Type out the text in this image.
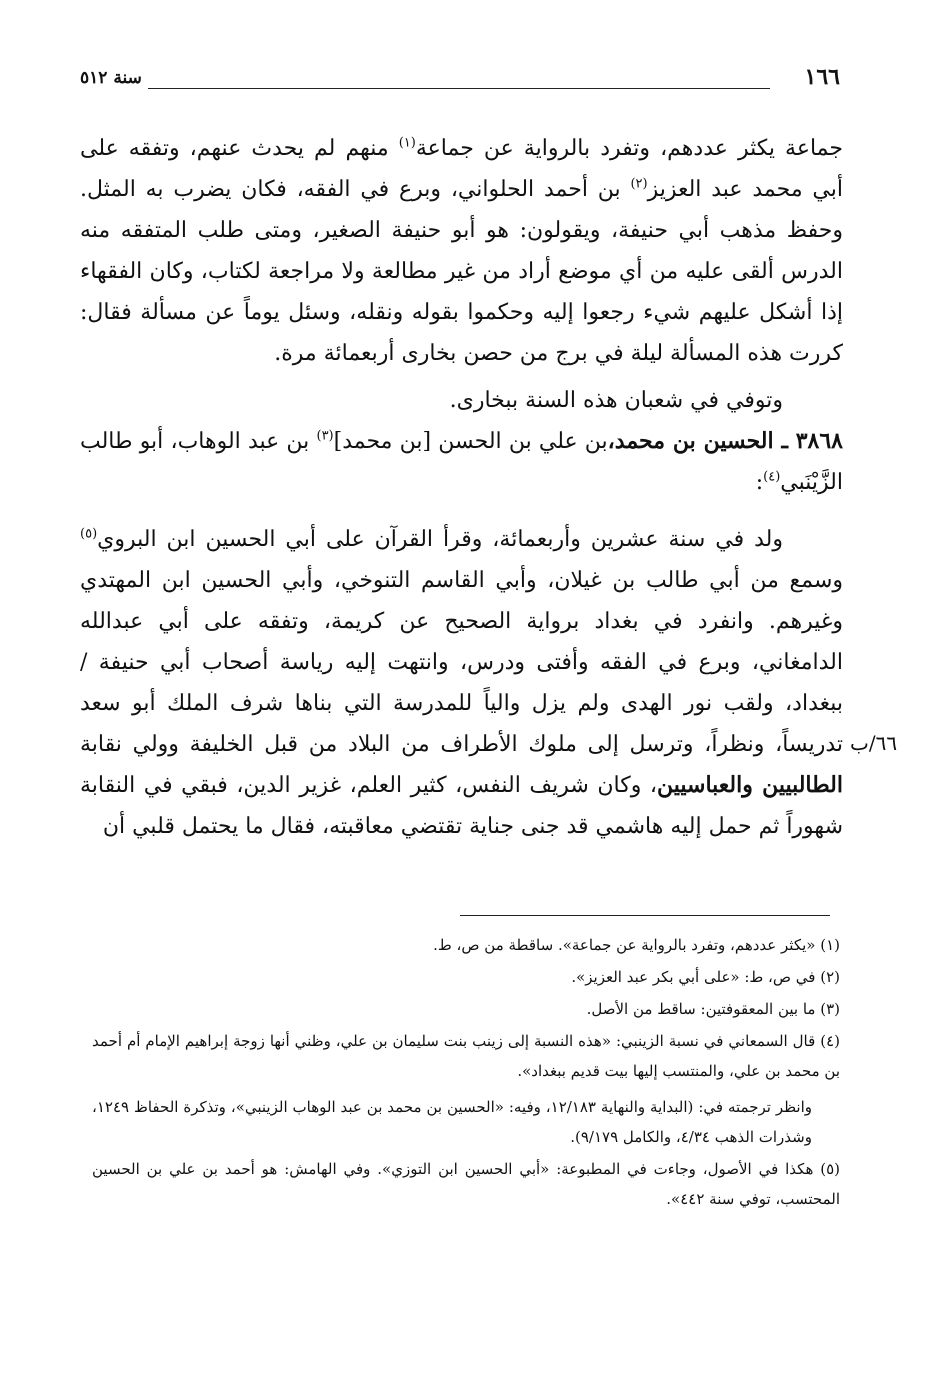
١٦٦
سنة ٥١٢

جماعة يكثر عددهم، وتفرد بالرواية عن جماعة$^{(١)}$ منهم لم يحدث عنهم، وتفقه على أبي محمد عبد العزيز$^{(٢)}$ بن أحمد الحلواني، وبرع في الفقه، فكان يضرب به المثل. وحفظ مذهب أبي حنيفة، ويقولون: هو أبو حنيفة الصغير، ومتى طلب المتفقه منه الدرس ألقى عليه من أي موضع أراد من غير مطالعة ولا مراجعة لكتاب، وكان الفقهاء إذا أشكل عليهم شيء رجعوا إليه وحكموا بقوله ونقله، وسئل يوماً عن مسألة فقال: كررت هذه المسألة ليلة في برج من حصن بخارى أربعمائة مرة.

وتوفي في شعبان هذه السنة ببخارى.

٣٨٦٨ ـ الحسين بن محمد،بن علي بن الحسن [بن محمد]$^{(٣)}$ بن عبد الوهاب، أبو طالب الزَّيْنَبي$^{(٤)}$:

ولد في سنة عشرين وأربعمائة، وقرأ القرآن على أبي الحسين ابن البروي$^{(٥)}$ وسمع من أبي طالب بن غيلان، وأبي القاسم التنوخي، وأبي الحسين ابن المهتدي وغيرهم. وانفرد في بغداد برواية الصحيح عن كريمة، وتفقه على أبي عبدالله الدامغاني، وبرع في الفقه وأفتى ودرس، وانتهت إليه رياسة أصحاب أبي حنيفة / ببغداد، ولقب نور الهدى ولم يزل والياً للمدرسة التي بناها شرف الملك أبو سعد تدريساً، ونظراً، وترسل إلى ملوك الأطراف من البلاد من قبل الخليفة وولي نقابة الطالبيين والعباسيين، وكان شريف النفس، كثير العلم، غزير الدين، فبقي في النقابة شهوراً ثم حمل إليه هاشمي قد جنى جناية تقتضي معاقبته، فقال ما يحتمل قلبي أن

٦٦/ب

(١) «يكثر عددهم، وتفرد بالرواية عن جماعة». ساقطة من ص، ط.

(٢) في ص، ط: «على أبي بكر عبد العزيز».

(٣) ما بين المعقوفتين: ساقط من الأصل.

(٤) قال السمعاني في نسبة الزينبي: «هذه النسبة إلى زينب بنت سليمان بن علي، وظني أنها زوجة إبراهيم الإمام أم أحمد بن محمد بن علي، والمنتسب إليها بيت قديم ببغداد».

وانظر ترجمته في: (البداية والنهاية ١٢/١٨٣، وفيه: «الحسين بن محمد بن عبد الوهاب الزينبي»، وتذكرة الحفاظ ١٢٤٩، وشذرات الذهب ٤/٣٤، والكامل ٩/١٧٩).

(٥) هكذا في الأصول، وجاءت في المطبوعة: «أبي الحسين ابن التوزي». وفي الهامش: هو أحمد بن علي بن الحسين المحتسب، توفي سنة ٤٤٢».
